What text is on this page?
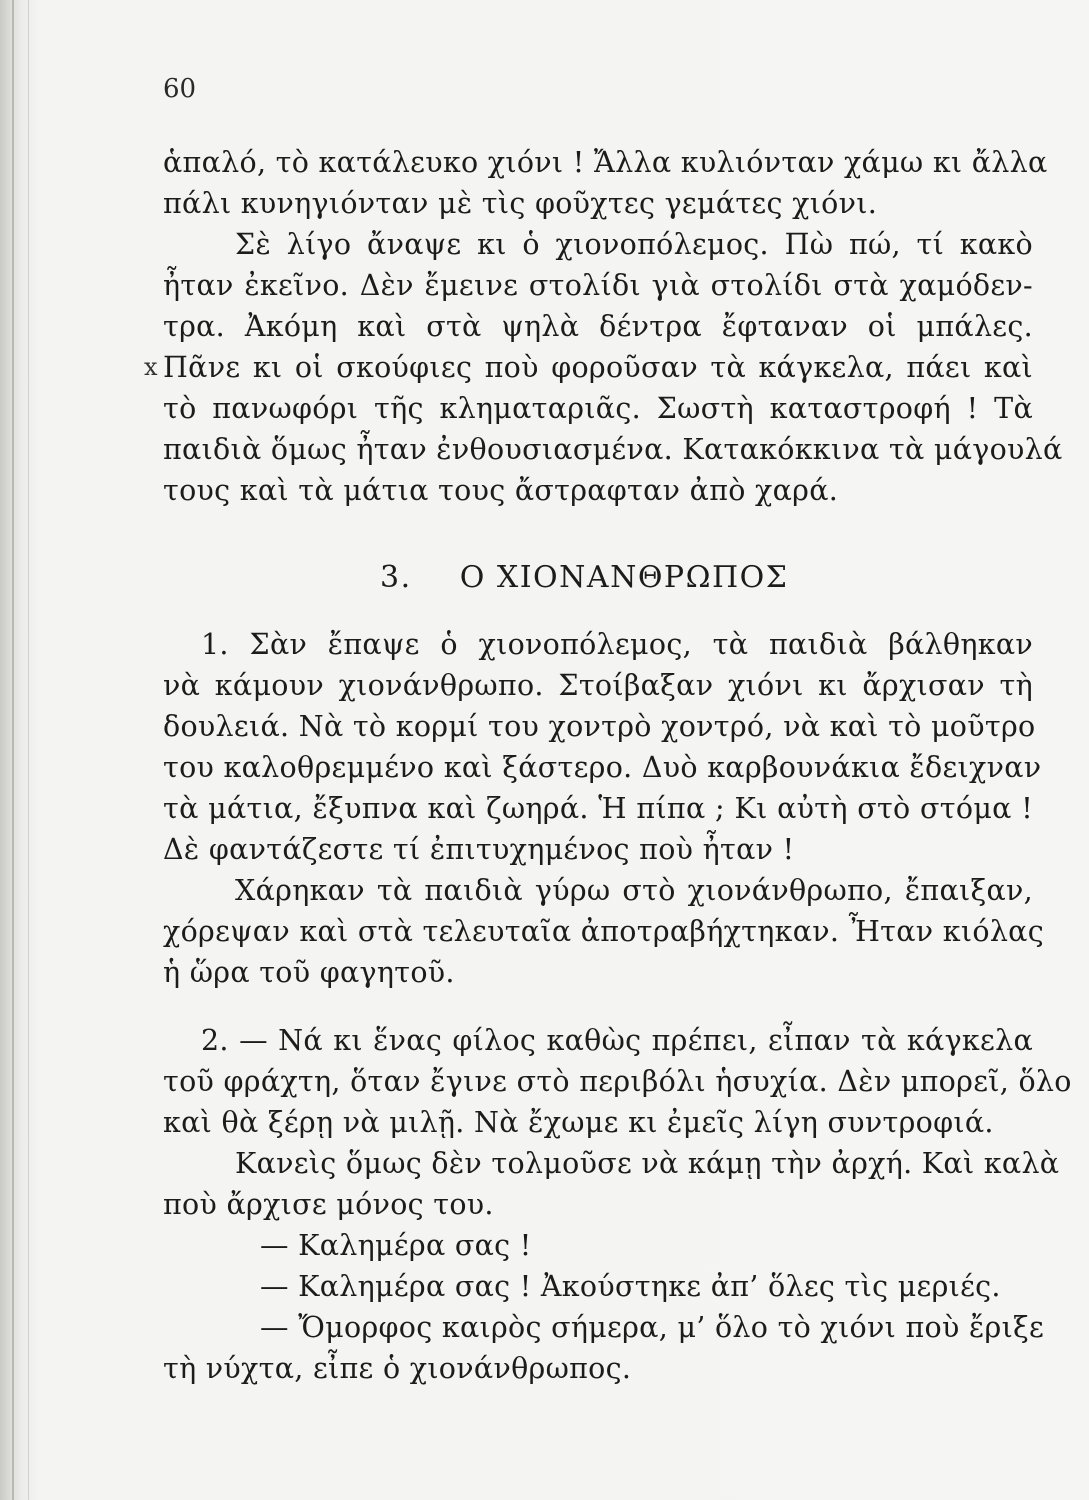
60
ἁπαλό, τὸ κατάλευκο χιόνι ! Ἄλλα κυλιόνταν χάμω κι ἄλλα
πάλι κυνηγιόνταν μὲ τὶς φοῦχτες γεμάτες χιόνι.
Σὲ λίγο ἄναψε κι ὁ χιονοπόλεμος. Πὼ πώ, τί κακὸ
ἦταν ἐκεῖνο. Δὲν ἔμεινε στολίδι γιὰ στολίδι στὰ χαμόδεν-
τρα. Ἀκόμη καὶ στὰ ψηλὰ δέντρα ἔφταναν οἱ μπάλες.
Πᾶνε κι οἱ σκούφιες ποὺ φοροῦσαν τὰ κάγκελα, πάει καὶ
τὸ πανωφόρι τῆς κληματαριᾶς. Σωστὴ καταστροφή ! Τὰ
παιδιὰ ὅμως ἦταν ἐνθουσιασμένα. Κατακόκκινα τὰ μάγουλά
τους καὶ τὰ μάτια τους ἄστραφταν ἀπὸ χαρά.
x
3. Ο ΧΙΟΝΑΝΘΡΩΠΟΣ
1. Σὰν ἔπαψε ὁ χιονοπόλεμος, τὰ παιδιὰ βάλθηκαν
νὰ κάμουν χιονάνθρωπο. Στοίβαξαν χιόνι κι ἄρχισαν τὴ
δουλειά. Νὰ τὸ κορμί του χοντρὸ χοντρό, νὰ καὶ τὸ μοῦτρο
του καλοθρεμμένο καὶ ξάστερο. Δυὸ καρβουνάκια ἔδειχναν
τὰ μάτια, ἔξυπνα καὶ ζωηρά. Ἡ πίπα ; Κι αὐτὴ στὸ στόμα !
Δὲ φαντάζεστε τί ἐπιτυχημένος ποὺ ἦταν !
Χάρηκαν τὰ παιδιὰ γύρω στὸ χιονάνθρωπο, ἔπαιξαν,
χόρεψαν καὶ στὰ τελευταῖα ἀποτραβήχτηκαν. Ἦταν κιόλας
ἡ ὥρα τοῦ φαγητοῦ.
2. — Νά κι ἕνας φίλος καθὼς πρέπει, εἶπαν τὰ κάγκελα
τοῦ φράχτη, ὅταν ἔγινε στὸ περιβόλι ἡσυχία. Δὲν μπορεῖ, ὅλο
καὶ θὰ ξέρῃ νὰ μιλῇ. Νὰ ἔχωμε κι ἐμεῖς λίγη συντροφιά.
Κανεὶς ὅμως δὲν τολμοῦσε νὰ κάμῃ τὴν ἀρχή. Καὶ καλὰ
ποὺ ἄρχισε μόνος του.
— Καλημέρα σας !
— Καλημέρα σας ! Ἀκούστηκε ἀπ’ ὅλες τὶς μεριές.
— Ὄμορφος καιρὸς σήμερα, μ’ ὅλο τὸ χιόνι ποὺ ἔριξε
τὴ νύχτα, εἶπε ὁ χιονάνθρωπος.
